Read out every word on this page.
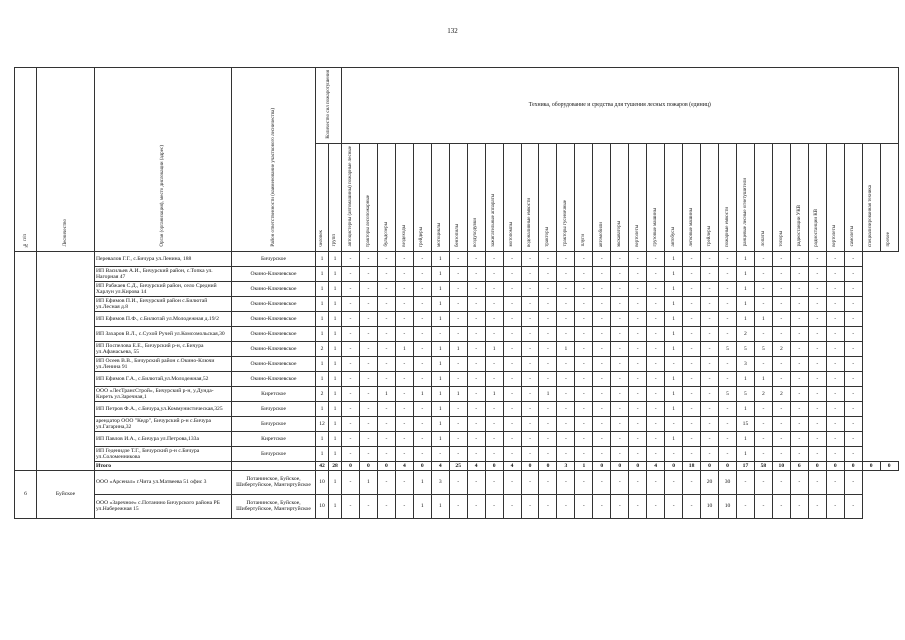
132
№ п/п	Лесничество	Орган (организация), место дислокации (адрес)	Район ответственности (наименование участкового лесничества)	Количество сил пожаротушения		Техника, оборудование и средства для тушения лесных пожаров (единиц)																														
				человек	групп	автоцистерны (автомашины) пожарные лесные	тракторы лесопожарные	бульдозеры	вездеходы	грейдеры	мотоциклы	бензопилы	воздуходувки	зажигательные аппараты	мотопомпы	водоналивные емкости	тракторы	тракторы гусеничные	плуги	автомобили	экскаваторы	вертолеты	грузовые машины	автобусы	легковые машины	трейлеры	пожарные емкости	ранцевые лесные огнетушители	лопаты	топоры	радиостанции УКВ	радиостанции КВ	вертолеты	самолеты	специализированная техника	прочее
		Перевалов Г.Г., с.Бичура ул.Ленина, 188	Бичурское	1	1	-	-	-	-	-	1	-	-	-	-	-	-	-	-	-	-	-	-	1	-	-	-	1	-	-	-	-	-	-		
		ИП Васильев А.И., Бичурский район, с.Топка ул. Нагорная 47	Окино-Ключевское	1	1	-	-	-	-	-	1	-	-	-	-	-	-	-	-	-	-	-	-	1	-	-	-	1	-	-	-	-	-	-		
		ИП Рабжаев С.Д., Бичурский район, село Средний Харлун ул.Кирова 14	Окино-Ключевское	1	1	-	-	-	-	-	1	-	-	-	-	-	-	-	-	-	-	-	-	1	-	-	-	1	-	-	-	-	-	-		
		ИП Ефимов П.И., Бичурский район с.Билютай ул.Лесная д.8	Окино-Ключевское	1	1	-	-	-	-	-	1	-	-	-	-	-	-	-	-	-	-	-	-	1	-	-	-	1	-	-	-	-	-	-		
		ИП Ефимов П.Ф., с.Билютай ул.Молодежная д.19/2	Окино-Ключевское	1	1	-	-	-	-	-	1	-	-	-	-	-	-	-	-	-	-	-	-	1	-	-	-	1	1	-	-	-	-	-		
		ИП Захаров В.Л., с.Сухой Ручей ул.Комсомольская,30	Окино-Ключевское	1	1	-	-	-	-	-	-	-	-	-	-	-	-	-	-	-	-	-	-	1	-	-	-	2	-	-	-	-	-	-		
		ИП Поспелова Е.Е., Бичурский р-н, с.Бичура ул.Афанасьева, 55	Окино-Ключевское	2	1	-	-	-	1	-	1	1	-	1	-	-	-	1	-	-	-	-	-	1	-	-	5	5	5	2	-	-	-	-		
		ИП Осеев В.В., Бичурский район с.Окино-Ключи ул.Ленина 91	Окино-Ключевское	1	1	-	-	-	-	-	1	-	-	-	-	-	-	-	-	-	-	-	-	-	-	-	-	3	-	-	-	-	-	-		
		ИП Ефимов Г.А., с.Билютай,ул.Молодежная,52	Окино-Ключевское	1	1	-	-	-	-	-	1	-	-	-	-	-	-	-	-	-	-	-	-	1	-	-	-	1	1	-	-	-	-	-		
		ООО «ЛесТрансСтрой», Бичурский р-н, у.Дунда-Киреть ул.Заречная,1	Киретское	2	1	-	-	1	-	1	1	1	-	1	-	-	1	-	-	-	-	-	-	1	-	-	5	5	2	2	-	-	-	-		
		ИП Петров Ф.А., с.Бичура,ул.Коммунистическая,325	Бичурское	1	1	-	-	-	-	-	1	-	-	-	-	-	-	-	-	-	-	-	-	1	-	-	-	1	-	-	-	-	-	-		
		арендатор ООО "Кедр", Бичурский р-н с.Бичура ул.Гагарина,32	Бичурское	12	1	-	-	-	-	-	1	-	-	-	-	-	-	-	-	-	-	-	-	-	-	-	-	15	-	-	-	-	-	-		
		ИП Павлов И.А., с.Бичура ул.Петрова,133а	Киретское	1	1	-	-	-	-	-	1	-	-	-	-	-	-	-	-	-	-	-	-	1	-	-	-	1	-	-	-	-	-	-		
		ИП Геденидзе Т.Г., Бичурский р-н с.Бичура ул.Соломенникова	Бичурское	1	1	-	-	-	-	-	-	-	-	-	-	-	-	-	-	-	-	-	-	-	-	-	-	1	-	-	-	-	-	-		
		Итого		42	28	0	0	0	4	0	4	25	4	0	4	0	0	3	1	0	0	0	4	0	18	0	0	17	58	10	6	0	0	0	0	0
6	Буйское	ООО «Арсенал» г.Чита ул.Матвеева 51 офис 3	Потанинское, Буйское, Шибертуйское, Мангиртуйское	10	1	-	1	-	-	1	3	-	-	-	-	-	-	-	-	-	-	-	-	-	-	20	30	-	-	-	-	-	-	-		
		ООО «Заречное» с.Потанино Бичурского района РБ ул.Набережная 15	Потанинское, Буйское, Шибертуйское, Мангиртуйское	10	1	-	-	-	-	1	1	-	-	-	-	-	-	-	-	-	-	-	-	-	-	10	10	-	-	-	-	-	-	-		
